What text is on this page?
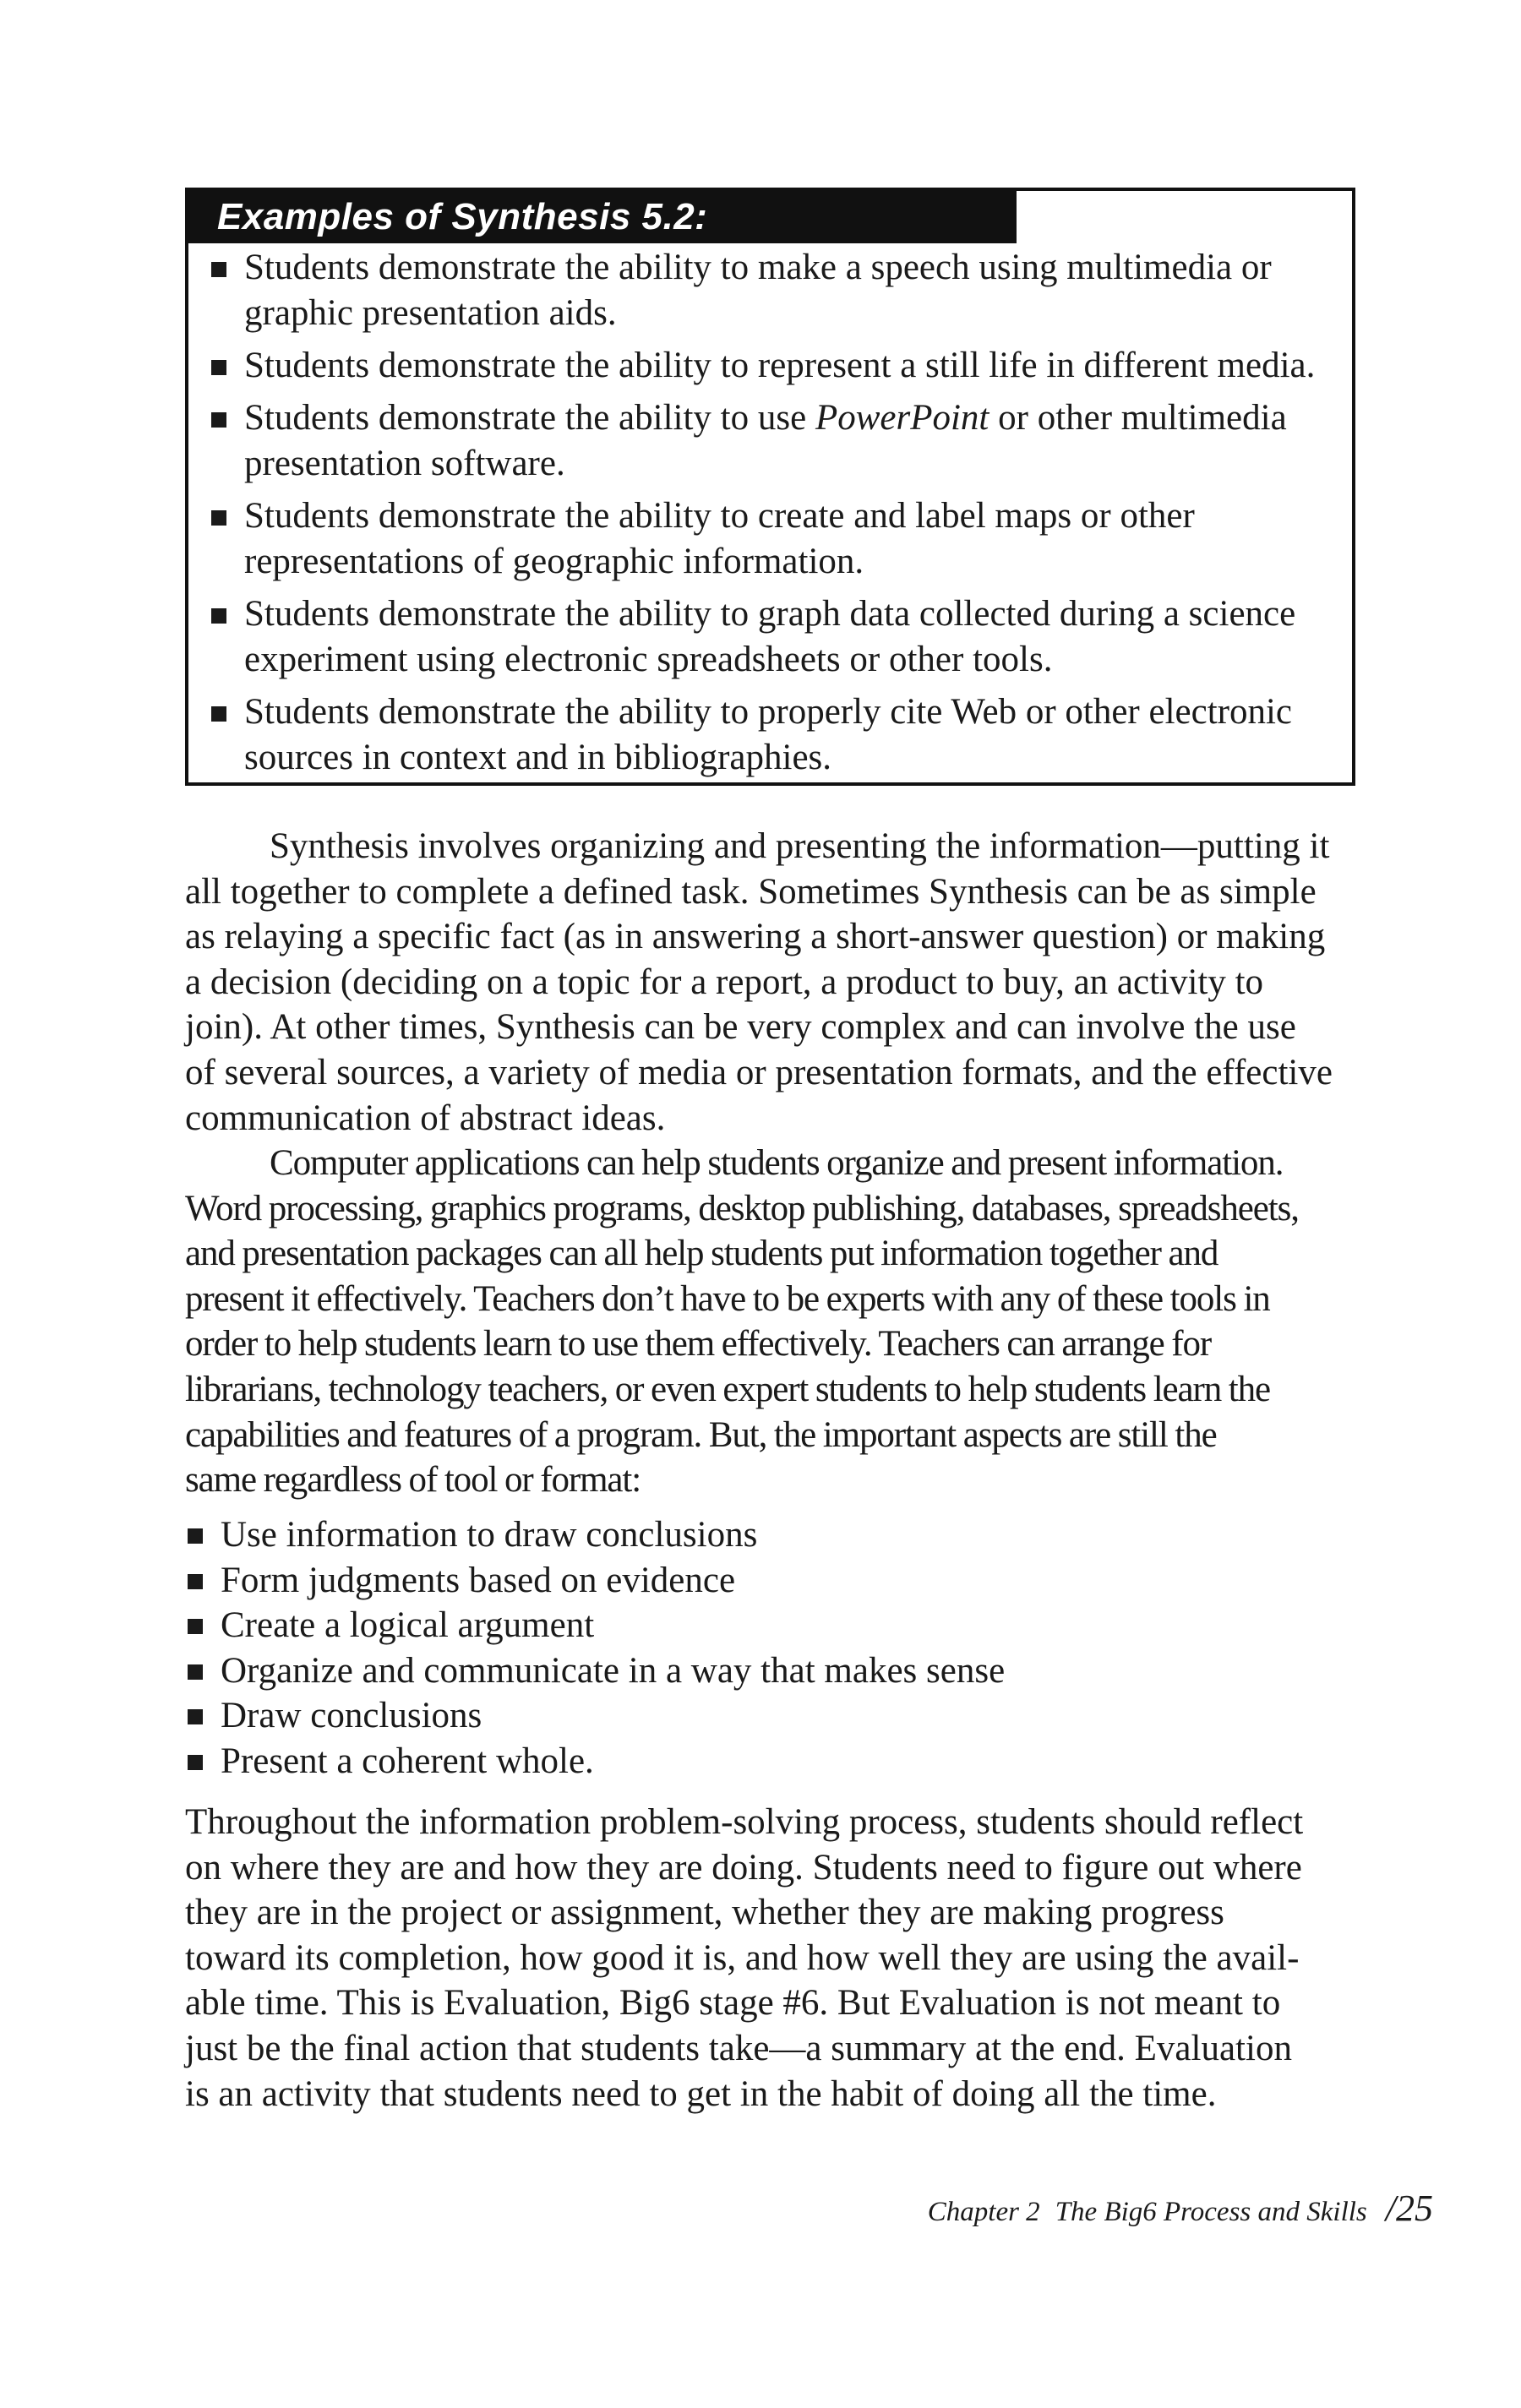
Examples of Synthesis 5.2:
Students demonstrate the ability to make a speech using multimedia or
graphic presentation aids.
Students demonstrate the ability to represent a still life in different media.
Students demonstrate the ability to use PowerPoint or other multimedia
presentation software.
Students demonstrate the ability to create and label maps or other
representations of geographic information.
Students demonstrate the ability to graph data collected during a science
experiment using electronic spreadsheets or other tools.
Students demonstrate the ability to properly cite Web or other electronic
sources in context and in bibliographies.
Synthesis involves organizing and presenting the information—putting it
all together to complete a defined task. Sometimes Synthesis can be as simple
as relaying a specific fact (as in answering a short-answer question) or making
a decision (deciding on a topic for a report, a product to buy, an activity to
join). At other times, Synthesis can be very complex and can involve the use
of several sources, a variety of media or presentation formats, and the effective
communication of abstract ideas.
Computer applications can help students organize and present information.
Word processing, graphics programs, desktop publishing, databases, spreadsheets,
and presentation packages can all help students put information together and
present it effectively. Teachers don’t have to be experts with any of these tools in
order to help students learn to use them effectively. Teachers can arrange for
librarians, technology teachers, or even expert students to help students learn the
capabilities and features of a program. But, the important aspects are still the
same regardless of tool or format:
Use information to draw conclusions
Form judgments based on evidence
Create a logical argument
Organize and communicate in a way that makes sense
Draw conclusions
Present a coherent whole.
Throughout the information problem-solving process, students should reflect
on where they are and how they are doing. Students need to figure out where
they are in the project or assignment, whether they are making progress
toward its completion, how good it is, and how well they are using the avail-
able time. This is Evaluation, Big6 stage #6. But Evaluation is not meant to
just be the final action that students take—a summary at the end. Evaluation
is an activity that students need to get in the habit of doing all the time.
Chapter 2 The Big6 Process and Skills /25
